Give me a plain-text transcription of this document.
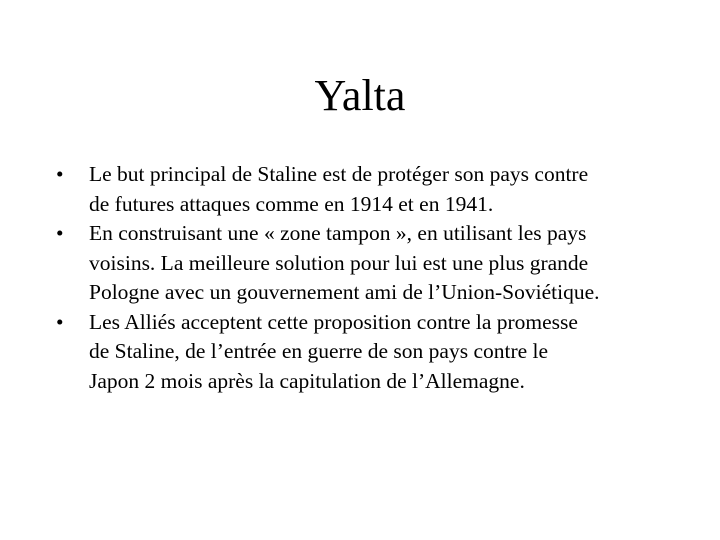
Yalta
•	Le but principal de Staline est de protéger son pays contre
de futures attaques comme en 1914 et en 1941.
•	En construisant une « zone tampon », en utilisant les pays
voisins. La meilleure solution pour lui est une plus grande
Pologne avec un gouvernement ami de l’Union-Soviétique.
•	Les Alliés acceptent cette proposition contre la promesse
de Staline, de l’entrée en guerre de son pays contre le
Japon 2 mois après la capitulation de l’Allemagne.
